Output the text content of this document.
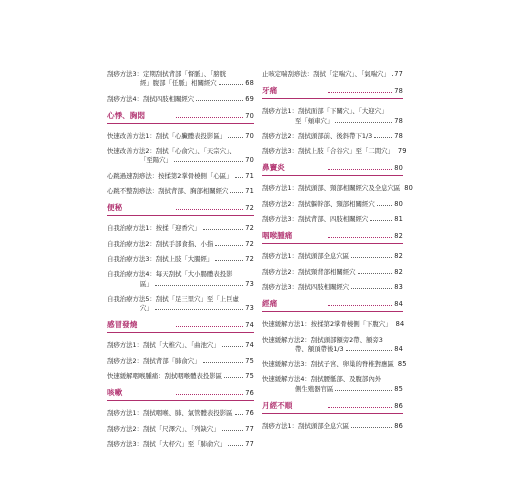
刮痧方法3：定期刮拭背部「督脈」、「膀胱
經」腹部「任脈」相關經穴	68
刮痧方法4：刮拭四肢相關經穴	69
心悸、胸悶	70
快速改善方法1：刮拭「心臟體表投影區」	70
快速改善方法2：刮拭「心俞穴」、「天宗穴」、
「至陽穴」	70
心跳過速刮痧法：按揉第2掌骨橈側「心區」 71
心跳不整刮痧法：刮拭背部、胸部相關經穴	71
便秘	72
自我治療方法1：按揉「迎香穴」	72
自我治療方法2：刮拭手部食指、小指	72
自我治療方法3：刮拭上肢「大腸經」	72
自我治療方法4：每天刮拭「大小腸體表投影
區」	73
自我治療方法5：刮拭「足三里穴」至「上巨虛
穴」	73
感冒發燒	74
刮痧方法1：刮拭「大椎穴」、「曲池穴」	74
刮痧方法2：刮拭背部「肺俞穴」	75
快速緩解咽喉腫痛：刮拭咽喉體表投影區	75
咳嗽	76
刮痧方法1：刮拭咽喉、肺、氣管體表投影區 76
刮痧方法2：刮拭「尺澤穴」、「列缺穴」	77
刮痧方法3：刮拭「大杼穴」至「肺俞穴」	77
止咳定喘刮痧法：刮拭「定喘穴」、「氣喘穴」 77
牙痛	78
刮痧方法1：刮拭面部「下關穴」、「大迎穴」
至「頰車穴」	78
刮痧方法2：刮拭頭部前、後斜帶下1/3	78
刮痧方法3：刮拭上肢「合谷穴」至「二間穴」 79
鼻竇炎	80
刮痧方法1：刮拭頭部、頸部相關經穴及全息穴區 80
刮痧方法2：刮拭軀幹部、頸部相關經穴	80
刮痧方法3：刮拭背部、四肢相關經穴	81
咽喉腫痛	82
刮痧方法1：刮拭頭部全息穴區	82
刮痧方法2：刮拭頸背部相關經穴	82
刮痧方法3：刮拭四肢相關經穴	83
經痛	84
快速緩解方法1：按揉第2掌骨橈側「下腹穴」 84
快速緩解方法2：刮拭頭部額旁2帶、額旁3
帶、額頂帶後1/3	84
快速緩解方法3：刮拭子宮、卵巢的脊椎對應區 85
快速緩解方法4：刮拭腰骶部、及腹部內外
側生殖器官區	85
月經不順	86
刮痧方法1：刮拭頭部全息穴區	86
